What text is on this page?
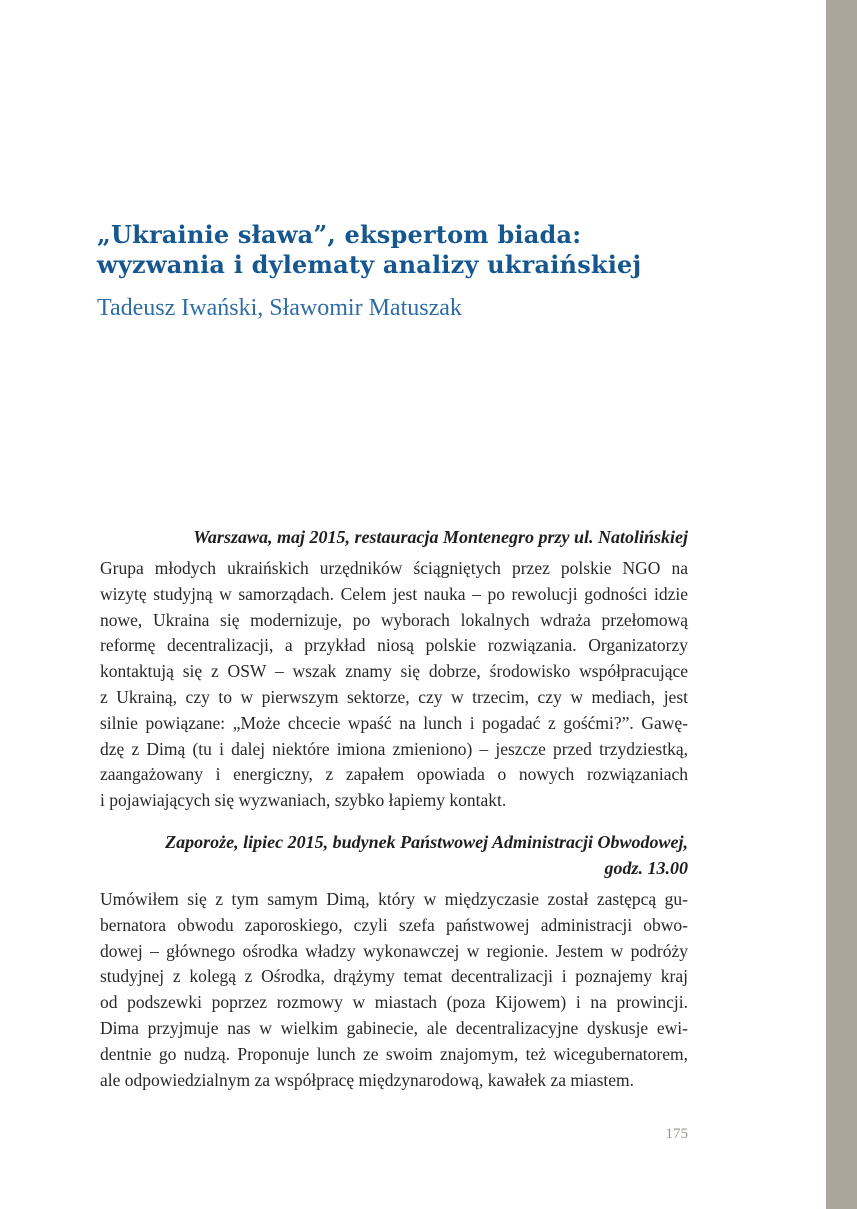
„Ukrainie sława”, ekspertom biada:
wyzwania i dylematy analizy ukraińskiej
Tadeusz Iwański, Sławomir Matuszak
Warszawa, maj 2015, restauracja Montenegro przy ul. Natolińskiej
Grupa młodych ukraińskich urzędników ściągniętych przez polskie NGO na
wizytę studyjną w samorządach. Celem jest nauka – po rewolucji godności idzie
nowe, Ukraina się modernizuje, po wyborach lokalnych wdraża przełomową
reformę decentralizacji, a przykład niosą polskie rozwiązania. Organizatorzy
kontaktują się z OSW – wszak znamy się dobrze, środowisko współpracujące
z Ukrainą, czy to w pierwszym sektorze, czy w trzecim, czy w mediach, jest
silnie powiązane: „Może chcecie wpaść na lunch i pogadać z gośćmi?”. Gawę-
dzę z Dimą (tu i dalej niektóre imiona zmieniono) – jeszcze przed trzydziestką,
zaangażowany i energiczny, z zapałem opowiada o nowych rozwiązaniach
i pojawiających się wyzwaniach, szybko łapiemy kontakt.
Zaporoże, lipiec 2015, budynek Państwowej Administracji Obwodowej,
godz. 13.00
Umówiłem się z tym samym Dimą, który w międzyczasie został zastępcą gu-
bernatora obwodu zaporoskiego, czyli szefa państwowej administracji obwo-
dowej – głównego ośrodka władzy wykonawczej w regionie. Jestem w podróży
studyjnej z kolegą z Ośrodka, drążymy temat decentralizacji i poznajemy kraj
od podszewki poprzez rozmowy w miastach (poza Kijowem) i na prowincji.
Dima przyjmuje nas w wielkim gabinecie, ale decentralizacyjne dyskusje ewi-
dentnie go nudzą. Proponuje lunch ze swoim znajomym, też wicegubernatorem,
ale odpowiedzialnym za współpracę międzynarodową, kawałek za miastem.
175
